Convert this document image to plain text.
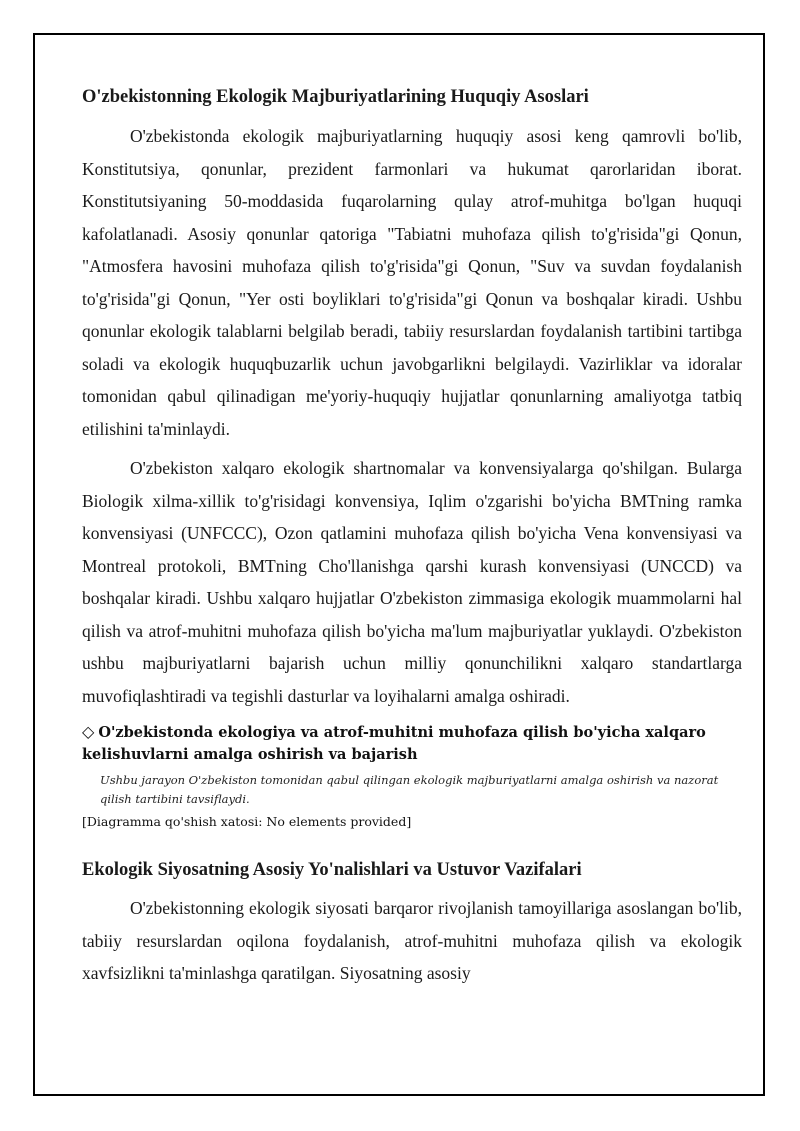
O'zbekistonning Ekologik Majburiyatlarining Huquqiy Asoslari

O'zbekistonda ekologik majburiyatlarning huquqiy asosi keng qamrovli bo'lib, Konstitutsiya, qonunlar, prezident farmonlari va hukumat qarorlaridan iborat. Konstitutsiyaning 50-moddasida fuqarolarning qulay atrof-muhitga bo'lgan huquqi kafolatlanadi. Asosiy qonunlar qatoriga "Tabiatni muhofaza qilish to'g'risida"gi Qonun, "Atmosfera havosini muhofaza qilish to'g'risida"gi Qonun, "Suv va suvdan foydalanish to'g'risida"gi Qonun, "Yer osti boyliklari to'g'risida"gi Qonun va boshqalar kiradi. Ushbu qonunlar ekologik talablarni belgilab beradi, tabiiy resurslardan foydalanish tartibini tartibga soladi va ekologik huquqbuzarlik uchun javobgarlikni belgilaydi. Vazirliklar va idoralar tomonidan qabul qilinadigan me'yoriy-huquqiy hujjatlar qonunlarning amaliyotga tatbiq etilishini ta'minlaydi.

O'zbekiston xalqaro ekologik shartnomalar va konvensiyalarga qo'shilgan. Bularga Biologik xilma-xillik to'g'risidagi konvensiya, Iqlim o'zgarishi bo'yicha BMTning ramka konvensiyasi (UNFCCC), Ozon qatlamini muhofaza qilish bo'yicha Vena konvensiyasi va Montreal protokoli, BMTning Cho'llanishga qarshi kurash konvensiyasi (UNCCD) va boshqalar kiradi. Ushbu xalqaro hujjatlar O'zbekiston zimmasiga ekologik muammolarni hal qilish va atrof-muhitni muhofaza qilish bo'yicha ma'lum majburiyatlar yuklaydi. O'zbekiston ushbu majburiyatlarni bajarish uchun milliy qonunchilikni xalqaro standartlarga muvofiqlashtiradi va tegishli dasturlar va loyihalarni amalga oshiradi.

◇ O'zbekistonda ekologiya va atrof-muhitni muhofaza qilish bo'yicha xalqaro kelishuvlarni amalga oshirish va bajarish
Ushbu jarayon O'zbekiston tomonidan qabul qilingan ekologik majburiyatlarni amalga oshirish va nazorat qilish tartibini tavsiflaydi.
[Diagramma qo'shish xatosi: No elements provided]
Ekologik Siyosatning Asosiy Yo'nalishlari va Ustuvor Vazifalari

O'zbekistonning ekologik siyosati barqaror rivojlanish tamoyillariga asoslangan bo'lib, tabiiy resurslardan oqilona foydalanish, atrof-muhitni muhofaza qilish va ekologik xavfsizlikni ta'minlashga qaratilgan. Siyosatning asosiy
